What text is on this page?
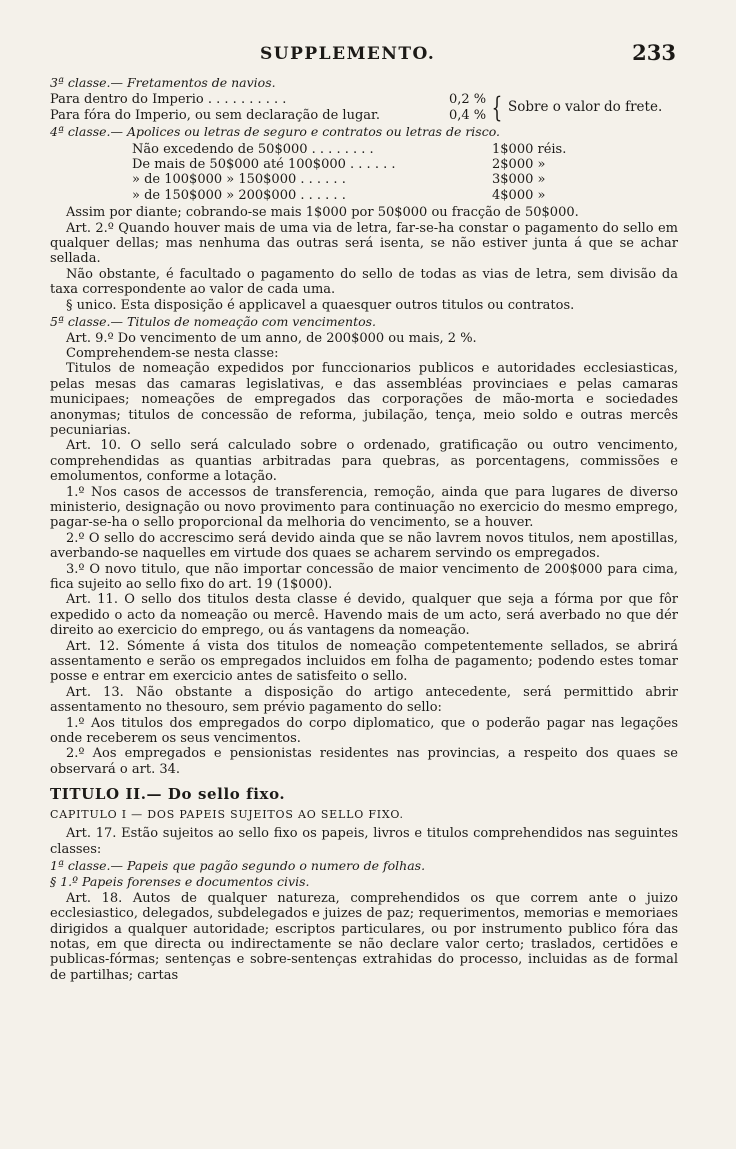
SUPPLEMENTO.	233

3ª classe.— Fretamentos de navios.

Para dentro do Imperio . . . . . . . . . .	0,2 %
Para fóra do Imperio, ou sem declaração de lugar.	0,4 % { Sobre o valor do frete.

4ª classe.— Apolices ou letras de seguro e contratos ou letras de risco.

Não excedendo de 50$000 . . . . . . . .	1$000 réis.
De mais de 50$000 até 100$000 . . . . . .	2$000 »
» de 100$000 » 150$000 . . . . . .	3$000 »
» de 150$000 » 200$000 . . . . . .	4$000 »

Assim por diante; cobrando-se mais 1$000 por 50$000 ou fracção de 50$000.

Art. 2.º Quando houver mais de uma via de letra, far-se-ha constar o pagamento do sello em qualquer dellas; mas nenhuma das outras será isenta, se não estiver junta á que se achar sellada.

Não obstante, é facultado o pagamento do sello de todas as vias de letra, sem divisão da taxa correspondente ao valor de cada uma.

§ unico. Esta disposição é applicavel a quaesquer outros titulos ou contratos.

5ª classe.— Titulos de nomeação com vencimentos.

Art. 9.º Do vencimento de um anno, de 200$000 ou mais, 2 %.

Comprehendem-se nesta classe:

Titulos de nomeação expedidos por funccionarios publicos e autoridades ecclesiasticas, pelas mesas das camaras legislativas, e das assembléas provinciaes e pelas camaras municipaes; nomeações de empregados das corporações de mão-morta e sociedades anonymas; titulos de concessão de reforma, jubilação, tença, meio soldo e outras mercês pecuniarias.

Art. 10. O sello será calculado sobre o ordenado, gratificação ou outro vencimento, comprehendidas as quantias arbitradas para quebras, as porcentagens, commissões e emolumentos, conforme a lotação.

1.º Nos casos de accessos de transferencia, remoção, ainda que para lugares de diverso ministerio, designação ou novo provimento para continuação no exercicio do mesmo emprego, pagar-se-ha o sello proporcional da melhoria do vencimento, se a houver.

2.º O sello do accrescimo será devido ainda que se não lavrem novos titulos, nem apostillas, averbando-se naquelles em virtude dos quaes se acharem servindo os empregados.

3.º O novo titulo, que não importar concessão de maior vencimento de 200$000 para cima, fica sujeito ao sello fixo do art. 19 (1$000).

Art. 11. O sello dos titulos desta classe é devido, qualquer que seja a fórma por que fôr expedido o acto da nomeação ou mercê. Havendo mais de um acto, será averbado no que dér direito ao exercicio do emprego, ou ás vantagens da nomeação.

Art. 12. Sómente á vista dos titulos de nomeação competentemente sellados, se abrirá assentamento e serão os empregados incluidos em folha de pagamento; podendo estes tomar posse e entrar em exercicio antes de satisfeito o sello.

Art. 13. Não obstante a disposição do artigo antecedente, será permittido abrir assentamento no thesouro, sem prévio pagamento do sello:

1.º Aos titulos dos empregados do corpo diplomatico, que o poderão pagar nas legações onde receberem os seus vencimentos.

2.º Aos empregados e pensionistas residentes nas provincias, a respeito dos quaes se observará o art. 34.

TITULO II.— Do sello fixo.

CAPITULO I — DOS PAPEIS SUJEITOS AO SELLO FIXO.

Art. 17. Estão sujeitos ao sello fixo os papeis, livros e titulos comprehendidos nas seguintes classes:

1ª classe.— Papeis que pagão segundo o numero de folhas.

§ 1.º Papeis forenses e documentos civis.

Art. 18. Autos de qualquer natureza, comprehendidos os que correm ante o juizo ecclesiastico, delegados, subdelegados e juizes de paz; requerimentos, memorias e memoriaes dirigidos a qualquer autoridade; escriptos particulares, ou por instrumento publico fóra das notas, em que directa ou indirectamente se não declare valor certo; traslados, certidões e publicas-fórmas; sentenças e sobre-sentenças extrahidas do processo, incluidas as de formal de partilhas; cartas
